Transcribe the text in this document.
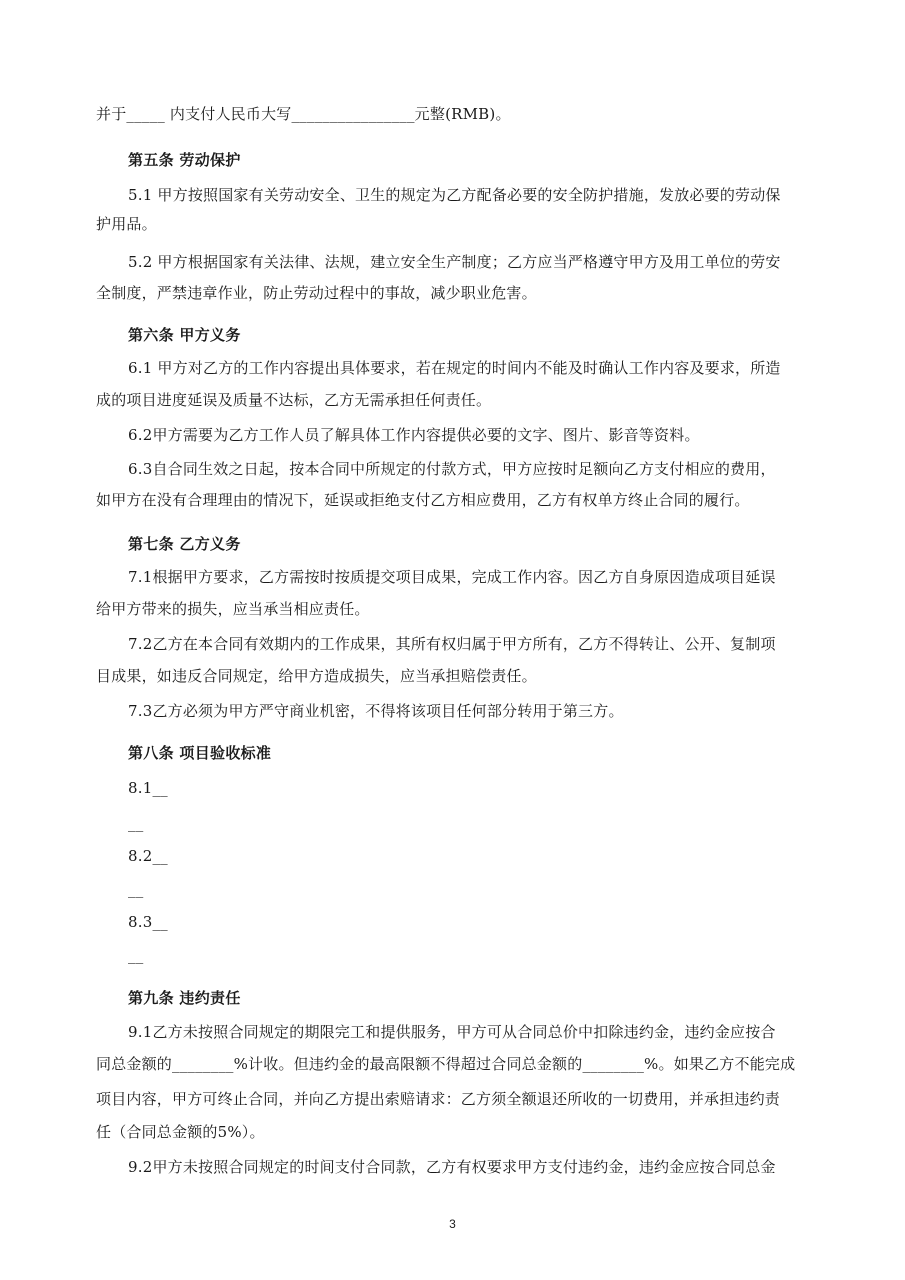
并于_____ 内支付人民币大写________________元整(RMB)。
第五条 劳动保护
5.1 甲方按照国家有关劳动安全、卫生的规定为乙方配备必要的安全防护措施，发放必要的劳动保
护用品。
5.2 甲方根据国家有关法律、法规，建立安全生产制度；乙方应当严格遵守甲方及用工单位的劳安
全制度，严禁违章作业，防止劳动过程中的事故，减少职业危害。
第六条 甲方义务
6.1 甲方对乙方的工作内容提出具体要求，若在规定的时间内不能及时确认工作内容及要求，所造
成的项目进度延误及质量不达标，乙方无需承担任何责任。
6.2甲方需要为乙方工作人员了解具体工作内容提供必要的文字、图片、影音等资料。
6.3自合同生效之日起，按本合同中所规定的付款方式，甲方应按时足额向乙方支付相应的费用，
如甲方在没有合理理由的情况下，延误或拒绝支付乙方相应费用，乙方有权单方终止合同的履行。
第七条 乙方义务
7.1根据甲方要求，乙方需按时按质提交项目成果，完成工作内容。因乙方自身原因造成项目延误
给甲方带来的损失，应当承当相应责任。
7.2乙方在本合同有效期内的工作成果，其所有权归属于甲方所有，乙方不得转让、公开、复制项
目成果，如违反合同规定，给甲方造成损失，应当承担赔偿责任。
7.3乙方必须为甲方严守商业机密，不得将该项目任何部分转用于第三方。
第八条 项目验收标准
8.1__
__
8.2__
__
8.3__
__
第九条 违约责任
9.1乙方未按照合同规定的期限完工和提供服务，甲方可从合同总价中扣除违约金，违约金应按合
同总金额的________%计收。但违约金的最高限额不得超过合同总金额的________%。如果乙方不能完成
项目内容，甲方可终止合同，并向乙方提出索赔请求：乙方须全额退还所收的一切费用，并承担违约责
任（合同总金额的5%）。
9.2甲方未按照合同规定的时间支付合同款，乙方有权要求甲方支付违约金，违约金应按合同总金
3
